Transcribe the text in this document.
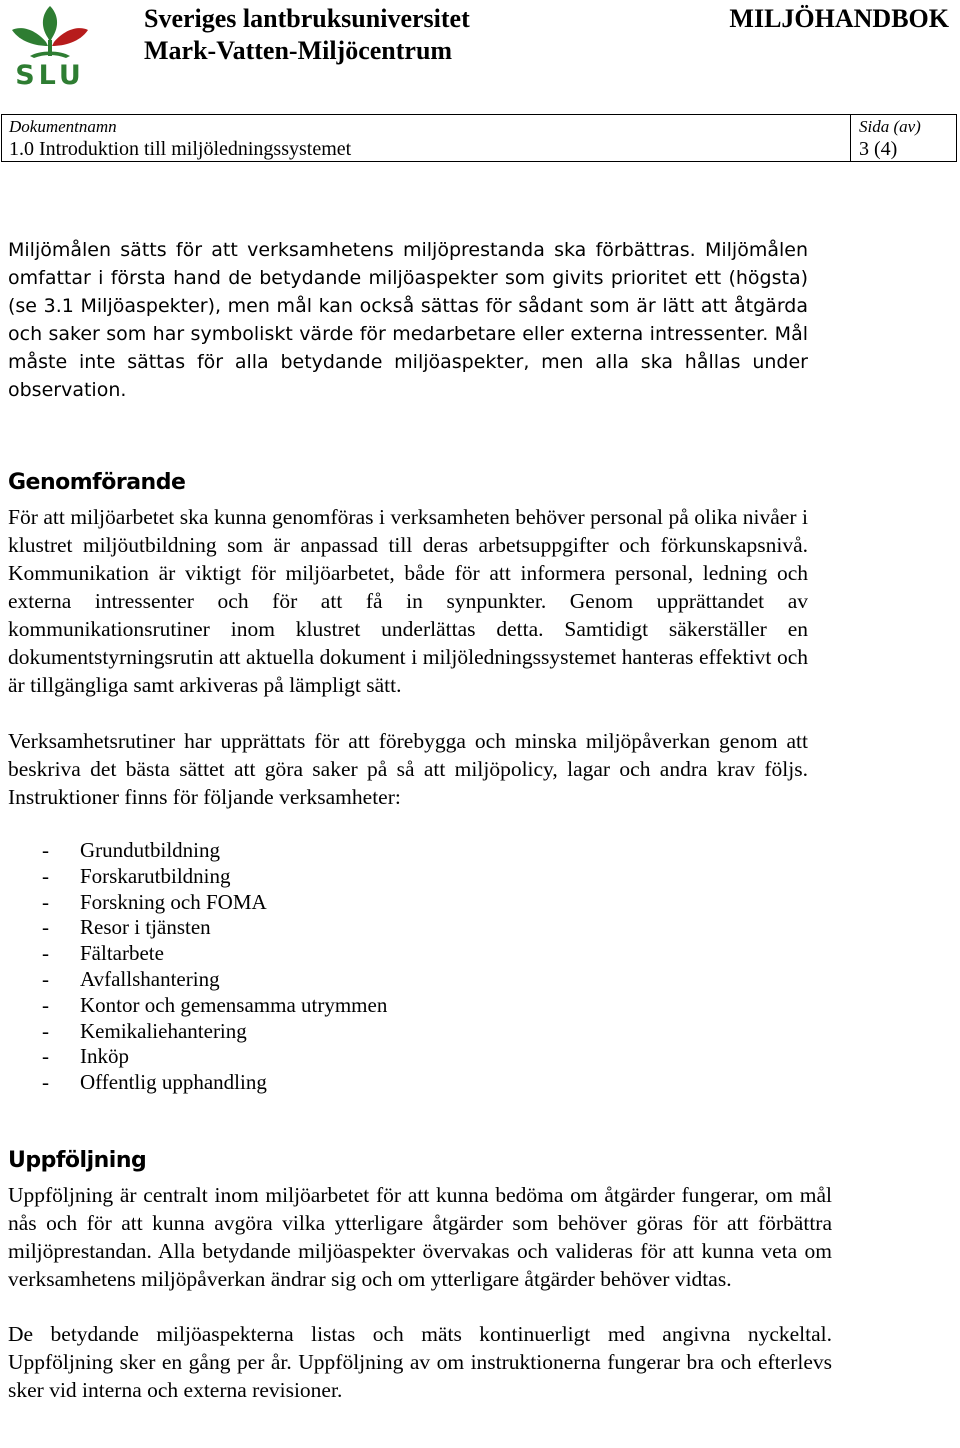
SLU
Sveriges lantbruksuniversitet
Mark-Vatten-Miljöcentrum
MILJÖHANDBOK
Dokumentnamn
1.0 Introduktion till miljöledningssystemet
Sida (av)
3 (4)

Miljömålen sätts för att verksamhetens miljöprestanda ska förbättras. Miljömålen omfattar i första hand de betydande miljöaspekter som givits prioritet ett (högsta) (se 3.1 Miljöaspekter), men mål kan också sättas för sådant som är lätt att åtgärda och saker som har symboliskt värde för medarbetare eller externa intressenter. Mål måste inte sättas för alla betydande miljöaspekter, men alla ska hållas under observation.

Genomförande

För att miljöarbetet ska kunna genomföras i verksamheten behöver personal på olika nivåer i klustret miljöutbildning som är anpassad till deras arbetsuppgifter och förkunskapsnivå. Kommunikation är viktigt för miljöarbetet, både för att informera personal, ledning och externa intressenter och för att få in synpunkter. Genom upprättandet av kommunikationsrutiner inom klustret underlättas detta. Samtidigt säkerställer en dokumentstyrningsrutin att aktuella dokument i miljöledningssystemet hanteras effektivt och är tillgängliga samt arkiveras på lämpligt sätt.

Verksamhetsrutiner har upprättats för att förebygga och minska miljöpåverkan genom att beskriva det bästa sättet att göra saker på så att miljöpolicy, lagar och andra krav följs. Instruktioner finns för följande verksamheter:

- Grundutbildning
- Forskarutbildning
- Forskning och FOMA
- Resor i tjänsten
- Fältarbete
- Avfallshantering
- Kontor och gemensamma utrymmen
- Kemikaliehantering
- Inköp
- Offentlig upphandling
Uppföljning

Uppföljning är centralt inom miljöarbetet för att kunna bedöma om åtgärder fungerar, om mål nås och för att kunna avgöra vilka ytterligare åtgärder som behöver göras för att förbättra miljöprestandan. Alla betydande miljöaspekter övervakas och valideras för att kunna veta om verksamhetens miljöpåverkan ändrar sig och om ytterligare åtgärder behöver vidtas.

De betydande miljöaspekterna listas och mäts kontinuerligt med angivna nyckeltal. Uppföljning sker en gång per år. Uppföljning av om instruktionerna fungerar bra och efterlevs sker vid interna och externa revisioner.
